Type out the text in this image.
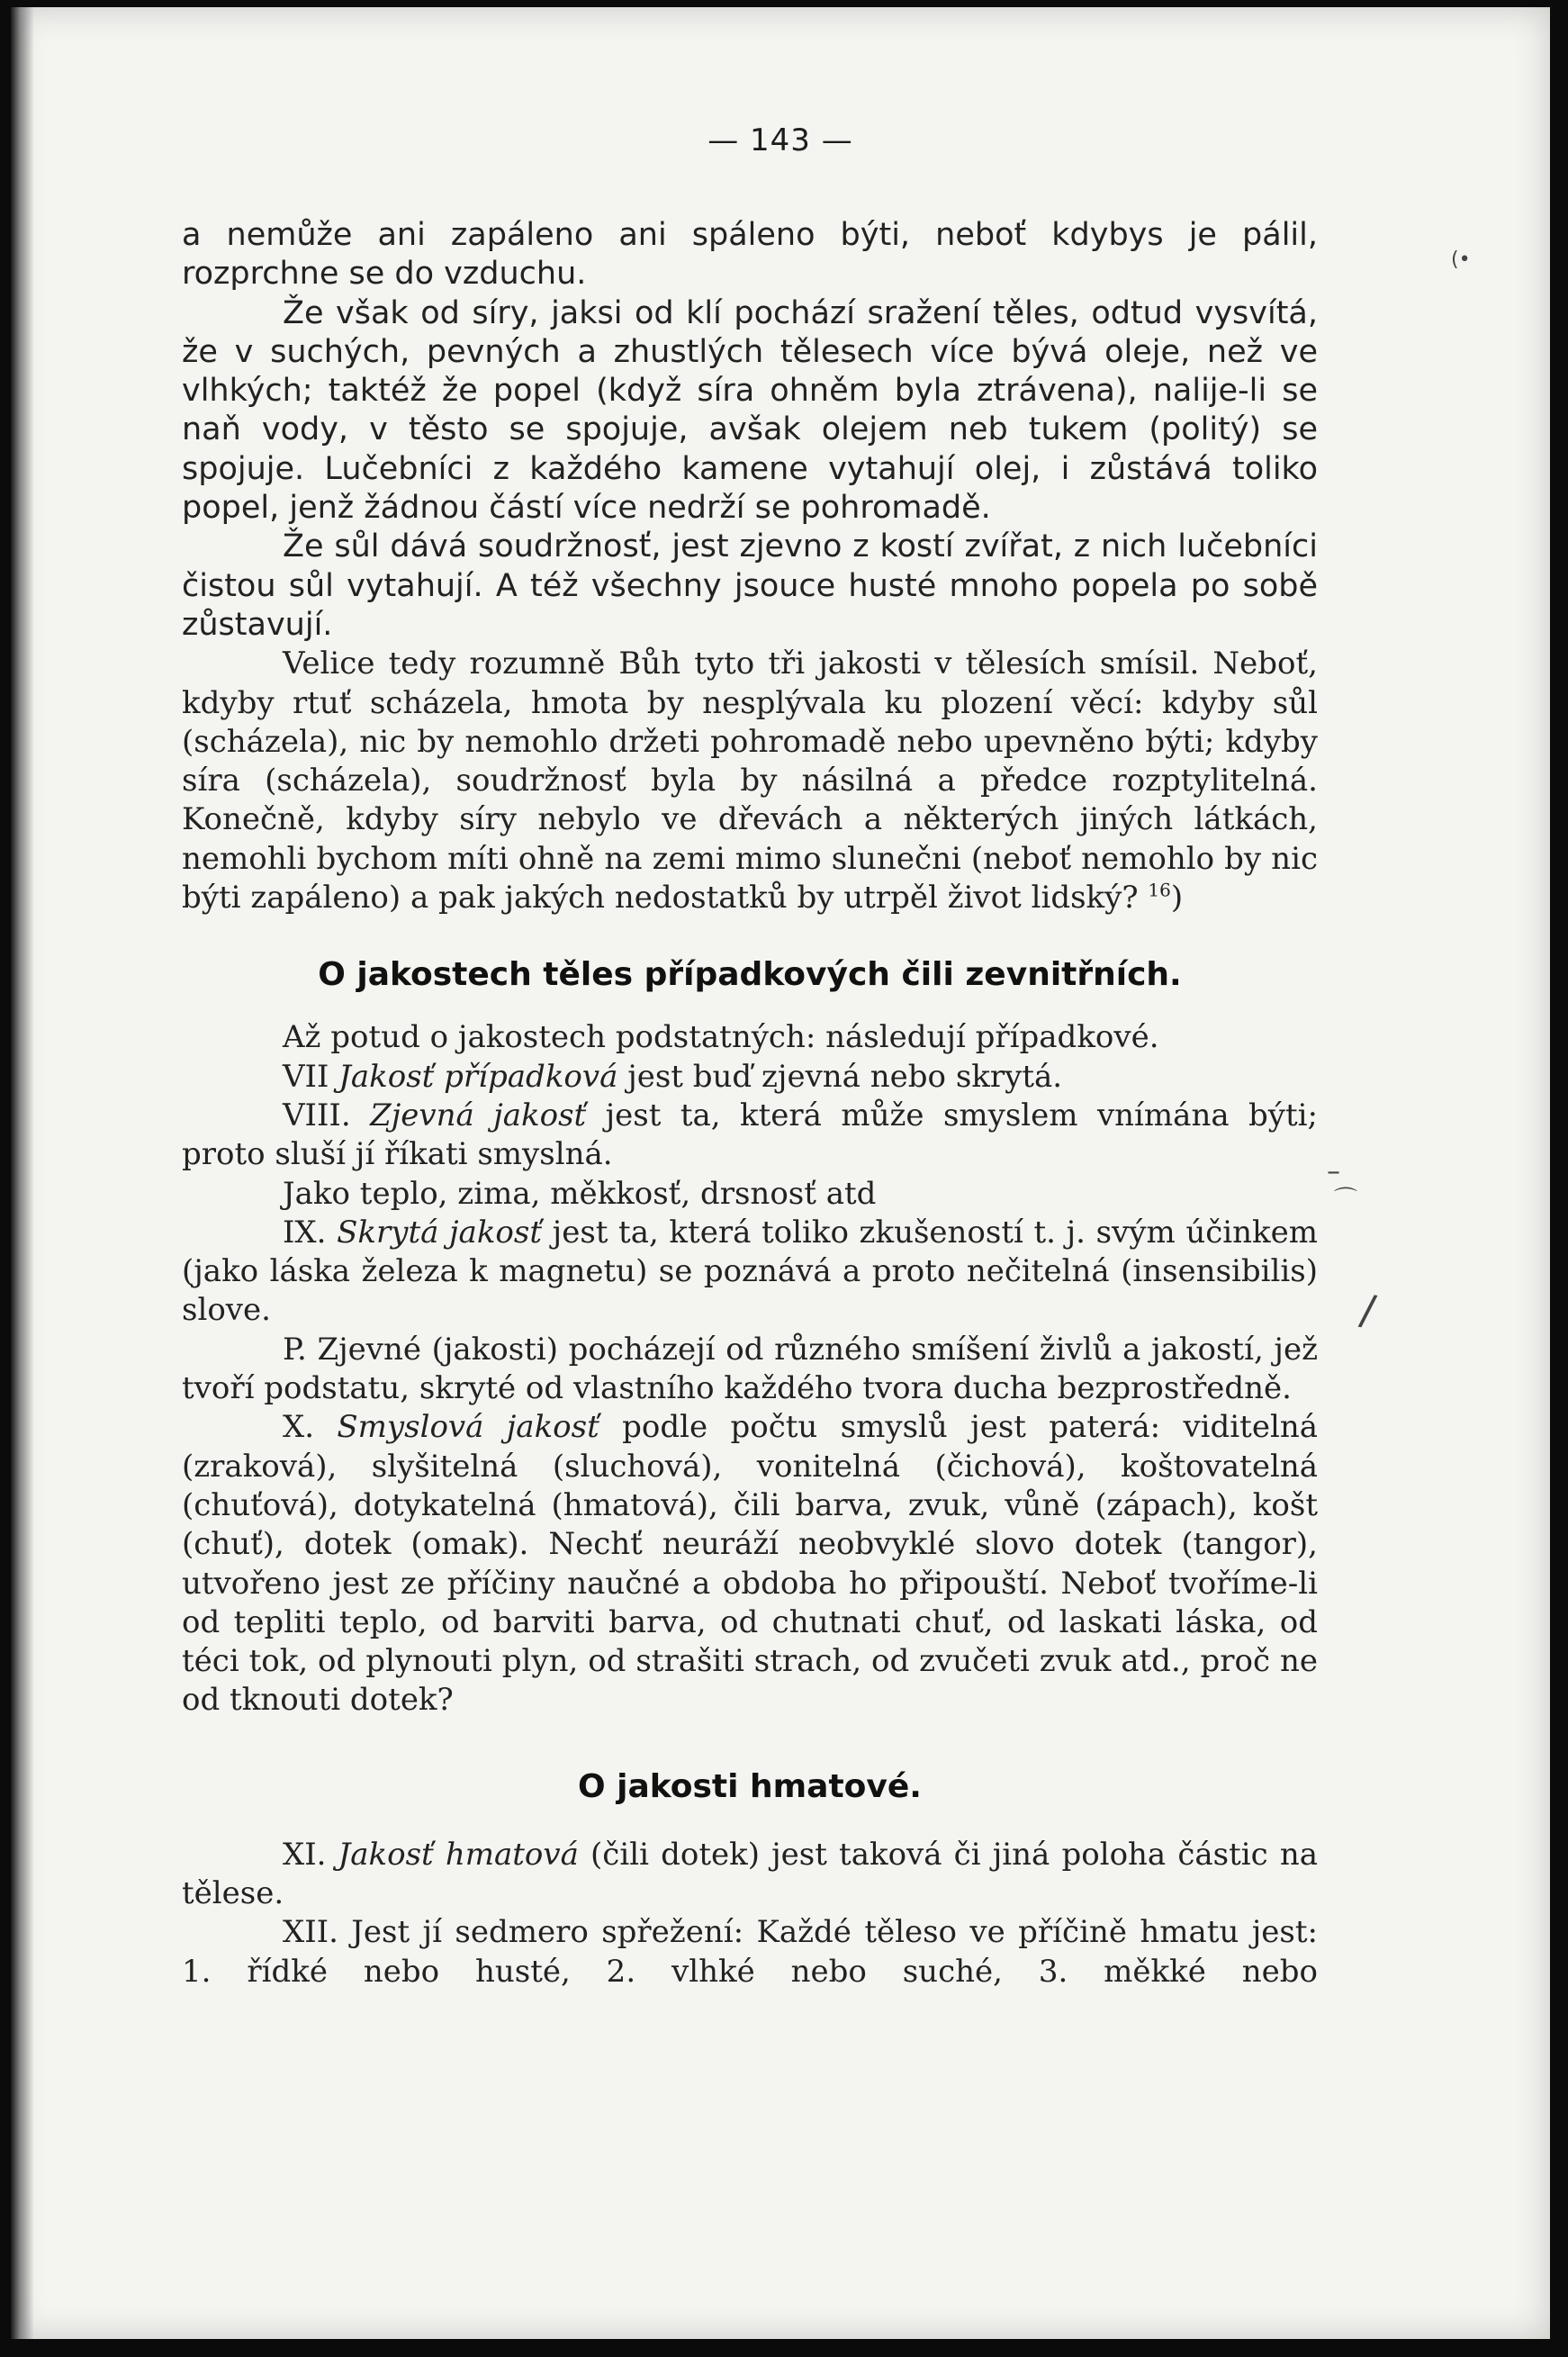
— 143 —
(•
–
⌒
/

a nemůže ani zapáleno ani spáleno býti, neboť kdybys je pálil, rozprchne se do vzduchu.

Že však od síry, jaksi od klí pochází sražení těles, odtud vysvítá, že v suchých, pevných a zhustlých tělesech více bývá oleje, než ve vlhkých; taktéž že popel (když síra ohněm byla ztrávena), nalije-li se naň vody, v těsto se spojuje, avšak olejem neb tukem (politý) se spojuje. Lučebníci z každého kamene vytahují olej, i zůstává toliko popel, jenž žádnou částí více nedrží se pohromadě.

Že sůl dává soudržnosť, jest zjevno z kostí zvířat, z nich lučebníci čistou sůl vytahují. A též všechny jsouce husté mnoho popela po sobě zůstavují.

Velice tedy rozumně Bůh tyto tři jakosti v tělesích smísil. Neboť, kdyby rtuť scházela, hmota by nesplývala ku plození věcí: kdyby sůl (scházela), nic by nemohlo držeti pohromadě nebo upevněno býti; kdyby síra (scházela), soudržnosť byla by násilná a předce rozptylitelná. Konečně, kdyby síry nebylo ve dřevách a některých jiných látkách, nemohli bychom míti ohně na zemi mimo slunečni (neboť nemohlo by nic býti zapáleno) a pak jakých nedostatků by utrpěl život lidský? $^{16}$)

O jakostech těles případkových čili zevnitřních.

Až potud o jakostech podstatných: následují případkové.

VII Jakosť případková jest buď zjevná nebo skrytá.

VIII. Zjevná jakosť jest ta, která může smyslem vnímána býti; proto sluší jí říkati smyslná.

Jako teplo, zima, měkkosť, drsnosť atd

IX. Skrytá jakosť jest ta, která toliko zkušeností t. j. svým účinkem (jako láska železa k magnetu) se poznává a proto nečitelná (insensibilis) slove.

P. Zjevné (jakosti) pocházejí od různého smíšení živlů a jakostí, jež tvoří podstatu, skryté od vlastního každého tvora ducha bezprostředně.

X. Smyslová jakosť podle počtu smyslů jest paterá: viditelná (zraková), slyšitelná (sluchová), vonitelná (čichová), koštovatelná (chuťová), dotykatelná (hmatová), čili barva, zvuk, vůně (zápach), košt (chuť), dotek (omak). Nechť neuráží neobvyklé slovo dotek (tangor), utvořeno jest ze příčiny naučné a obdoba ho připouští. Neboť tvoříme-li od tepliti teplo, od barviti barva, od chutnati chuť, od laskati láska, od téci tok, od plynouti plyn, od strašiti strach, od zvučeti zvuk atd., proč ne od tknouti dotek?

O jakosti hmatové.

XI. Jakosť hmatová (čili dotek) jest taková či jiná poloha částic na tělese.

XII. Jest jí sedmero spřežení: Každé těleso ve příčině hmatu jest: 1. řídké nebo husté, 2. vlhké nebo suché, 3. měkké nebo
